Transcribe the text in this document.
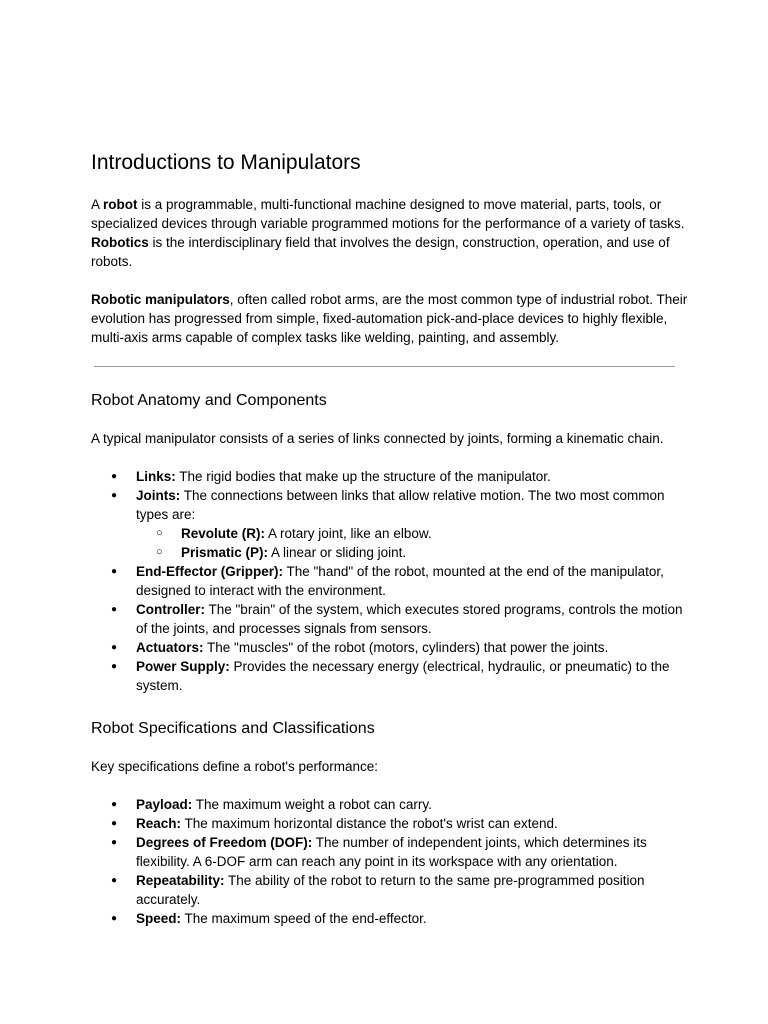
Introductions to Manipulators

A robot is a programmable, multi-functional machine designed to move material, parts, tools, or specialized devices through variable programmed motions for the performance of a variety of tasks. Robotics is the interdisciplinary field that involves the design, construction, operation, and use of robots.

Robotic manipulators, often called robot arms, are the most common type of industrial robot. Their evolution has progressed from simple, fixed-automation pick-and-place devices to highly flexible, multi-axis arms capable of complex tasks like welding, painting, and assembly.

Robot Anatomy and Components

A typical manipulator consists of a series of links connected by joints, forming a kinematic chain.

● Links: The rigid bodies that make up the structure of the manipulator.
● Joints: The connections between links that allow relative motion. The two most common types are:
○ Revolute (R): A rotary joint, like an elbow.
○ Prismatic (P): A linear or sliding joint.
● End-Effector (Gripper): The "hand" of the robot, mounted at the end of the manipulator, designed to interact with the environment.
● Controller: The "brain" of the system, which executes stored programs, controls the motion of the joints, and processes signals from sensors.
● Actuators: The "muscles" of the robot (motors, cylinders) that power the joints.
● Power Supply: Provides the necessary energy (electrical, hydraulic, or pneumatic) to the system.
Robot Specifications and Classifications

Key specifications define a robot's performance:

● Payload: The maximum weight a robot can carry.
● Reach: The maximum horizontal distance the robot's wrist can extend.
● Degrees of Freedom (DOF): The number of independent joints, which determines its flexibility. A 6-DOF arm can reach any point in its workspace with any orientation.
● Repeatability: The ability of the robot to return to the same pre-programmed position accurately.
● Speed: The maximum speed of the end-effector.
